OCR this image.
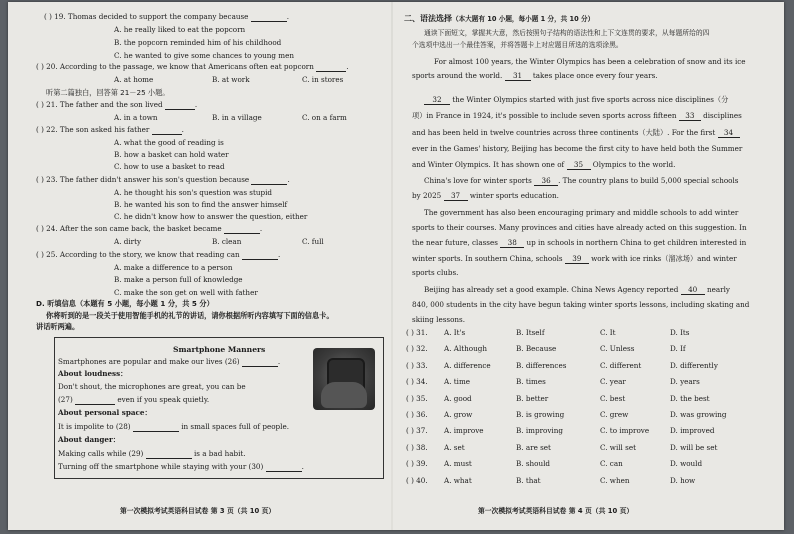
( ) 19. Thomas decided to support the company because	.
A. he really liked to eat the popcorn
B. the popcorn reminded him of his childhood
C. he wanted to give some chances to young men
( ) 20. According to the passage, we know that Americans often eat popcorn	.
A. at home	B. at work	C. in stores
听第二篇独白，回答第 21－25 小题。
( ) 21. The father and the son lived	.
A. in a town	B. in a village	C. on a farm
( ) 22. The son asked his father	.
A. what the good of reading is
B. how a basket can hold water
C. how to use a basket to read
( ) 23. The father didn't answer his son's question because	.
A. he thought his son's question was stupid
B. he wanted his son to find the answer himself
C. he didn't know how to answer the question, either
( ) 24. After the son came back, the basket became	.
A. dirty	B. clean	C. full
( ) 25. According to the story, we know that reading can	.
A. make a difference to a person
B. make a person full of knowledge
C. make the son get on well with father
D. 听填信息（本题有 5 小题，每小题 1 分，共 5 分）
你将听到的是一段关于使用智能手机的礼节的讲话，请你根据所听内容填写下面的信息卡。
讲话听两遍。
Smartphone Manners
Smartphones are popular and make our lives (26)	.
About loudness：
Don't shout, the microphones are great, you can be
(27)	even if you speak quietly.
About personal space：
It is impolite to (28)	in small spaces full of people.
About danger：
Making calls while (29)	is a bad habit.
Turning off the smartphone while staying with your (30)	.
第一次模拟考试英语科目试卷 第 3 页（共 10 页）
二、语法选择（本大题有 10 小题，每小题 1 分，共 10 分）
通读下面短文，掌握其大意，然后按照句子结构的语法性和上下文连贯的要求，从每题所给的四
个选项中选出一个最佳答案，并将答题卡上对应题目所选的选项涂黑。
For almost 100 years, the Winter Olympics has been a celebration of snow and its ice
sports around the world. 31 takes place once every four years.
32 the Winter Olympics started with just five sports across nice disciplines（分
项）in France in 1924, it's possible to include seven sports across fifteen 33 disciplines
and has been held in twelve countries across three continents（大陆）. For the first 34
ever in the Games' history, Beijing has become the first city to have held both the Summer
and Winter Olympics. It has shown one of 35 Olympics to the world.
China's love for winter sports 36 . The country plans to build 5,000 special schools
by 2025 37 winter sports education.
The government has also been encouraging primary and middle schools to add winter
sports to their courses. Many provinces and cities have already acted on this suggestion. In
the near future, classes 38 up in schools in northern China to get children interested in
winter sports. In southern China, schools 39 work with ice rinks（溜冰场）and winter
sports clubs.
Beijing has already set a good example. China News Agency reported 40 nearly
840, 000 students in the city have begun taking winter sports lessons, including skating and
skiing lessons.
( ) 31. A. It's	B. Itself	C. It	D. Its
( ) 32. A. Although	B. Because	C. Unless	D. If
( ) 33. A. difference	B. differences	C. different	D. differently
( ) 34. A. time	B. times	C. year	D. years
( ) 35. A. good	B. better	C. best	D. the best
( ) 36. A. grow	B. is growing	C. grew	D. was growing
( ) 37. A. improve	B. improving	C. to improve	D. improved
( ) 38. A. set	B. are set	C. will set	D. will be set
( ) 39. A. must	B. should	C. can	D. would
( ) 40. A. what	B. that	C. when	D. how
第一次模拟考试英语科目试卷 第 4 页（共 10 页）
